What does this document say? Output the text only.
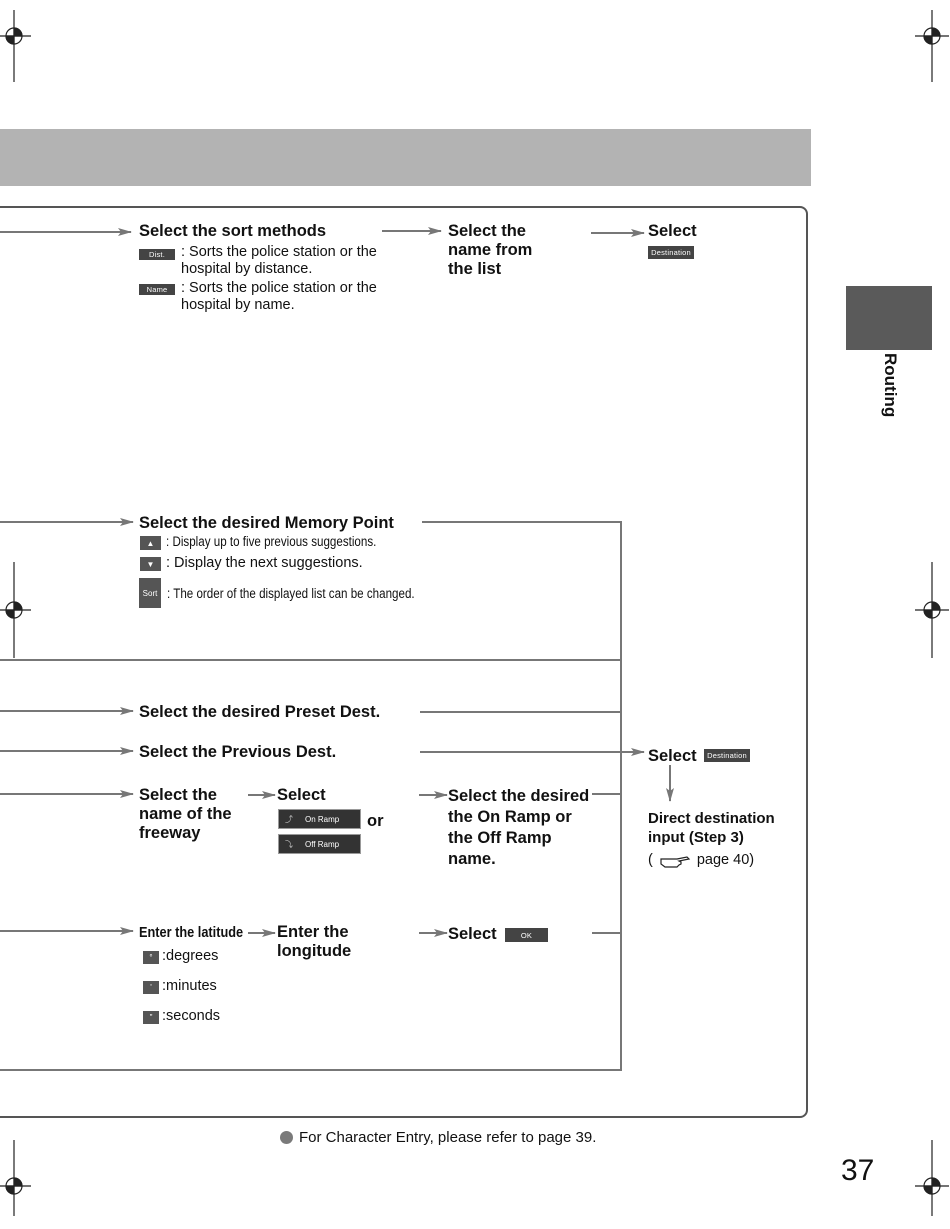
Routing
Select the sort methods
Dist.	: Sorts the police station or the hospital by distance.
Name : Sorts the police station or the hospital by name.
Select the name from the list
Select
Destination
Select the desired Memory Point
▲ : Display up to five previous suggestions.
▼ : Display the next suggestions.
Sort : The order of the displayed list can be changed.
Select the desired Preset Dest.
Select the Previous Dest.
Select the name of the freeway
Select
⤴ On Ramp or
⤵ Off Ramp
Select the desired the On Ramp or the Off Ramp name.
Enter the latitude
° :degrees
' :minutes
" :seconds
Enter the longitude
Select	OK
Select	Destination
Direct destination input (Step 3)
(	page 40)
For Character Entry, please refer to page 39.
37
